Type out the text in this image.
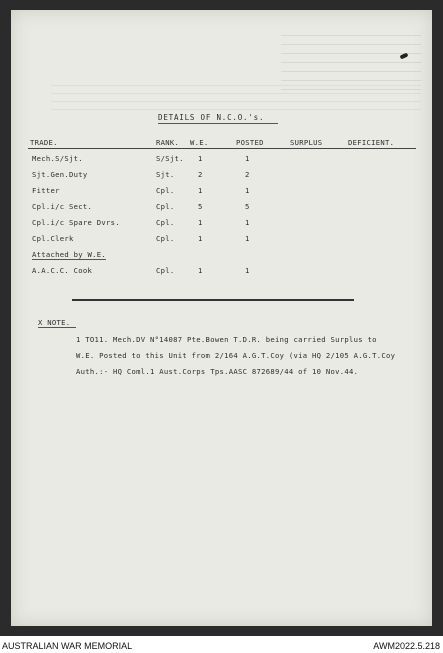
DETAILS OF N.C.O.'s.
TRADE.	RANK. W.E.	POSTED	SURPLUS	DEFICIENT.
Mech.S/Sjt.	S/Sjt. 1	1
Sjt.Gen.Duty	Sjt.	2	2
Fitter	Cpl.	1	1
Cpl.i/c Sect.	Cpl.	5	5
Cpl.i/c Spare Dvrs.	Cpl.	1	1
Cpl.Clerk	Cpl.	1	1
Attached by W.E.
A.A.C.C. Cook	Cpl.	1	1
X NOTE.
1 TO11. Mech.DV N°14087 Pte.Bowen T.D.R. being carried Surplus to
W.E. Posted to this Unit from 2/164 A.G.T.Coy (via HQ 2/105 A.G.T.Coy
Auth.:- HQ Coml.1 Aust.Corps Tps.AASC 872689/44 of 10 Nov.44.
AUSTRALIAN WAR MEMORIAL	AWM2022.5.218
